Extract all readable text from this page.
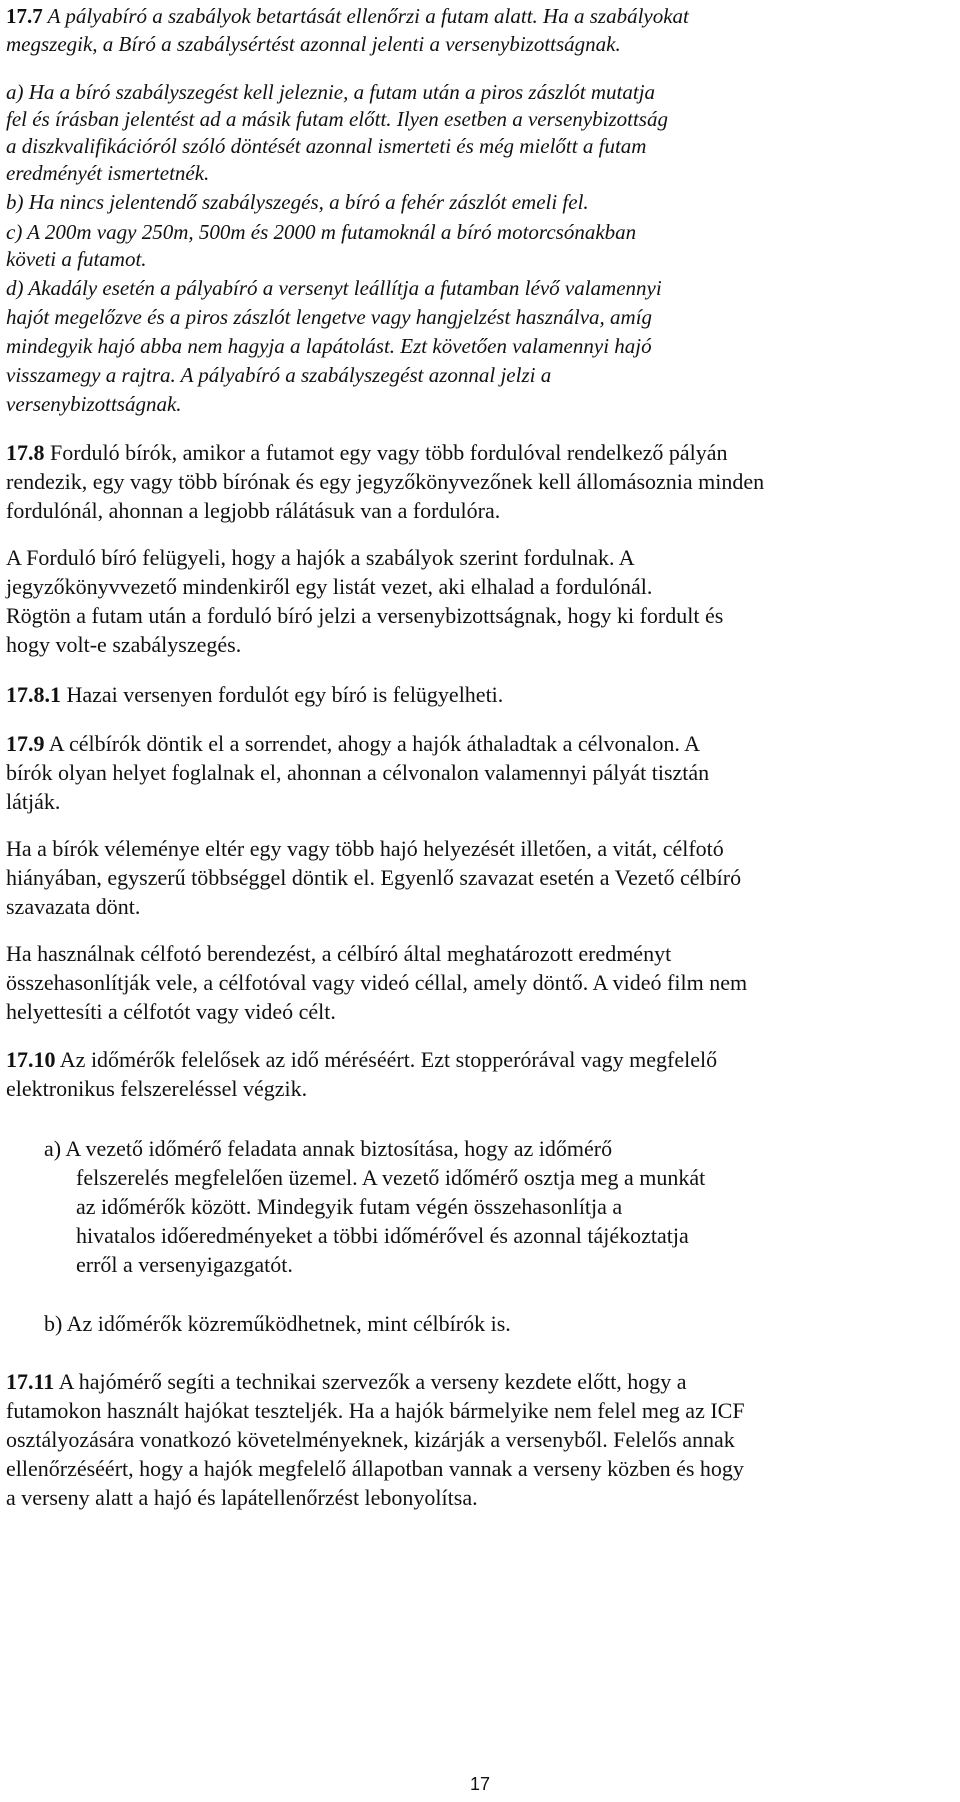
17.7 A pályabíró a szabályok betartását ellenőrzi a futam alatt. Ha a szabályokat
megszegik, a Bíró a szabálysértést azonnal jelenti a versenybizottságnak.
a) Ha a bíró szabályszegést kell jeleznie, a futam után a piros zászlót mutatja
fel és írásban jelentést ad a másik futam előtt. Ilyen esetben a versenybizottság
a diszkvalifikációról szóló döntését azonnal ismerteti és még mielőtt a futam
eredményét ismertetnék.
b) Ha nincs jelentendő szabályszegés, a bíró a fehér zászlót emeli fel.
c) A 200m vagy 250m, 500m és 2000 m futamoknál a bíró motorcsónakban
követi a futamot.
d) Akadály esetén a pályabíró a versenyt leállítja a futamban lévő valamennyi
hajót megelőzve és a piros zászlót lengetve vagy hangjelzést használva, amíg
mindegyik hajó abba nem hagyja a lapátolást. Ezt követően valamennyi hajó
visszamegy a rajtra. A pályabíró a szabályszegést azonnal jelzi a
versenybizottságnak.
17.8 Forduló bírók, amikor a futamot egy vagy több fordulóval rendelkező pályán
rendezik, egy vagy több bírónak és egy jegyzőkönyvezőnek kell állomásoznia minden
fordulónál, ahonnan a legjobb rálátásuk van a fordulóra.
A Forduló bíró felügyeli, hogy a hajók a szabályok szerint fordulnak. A
jegyzőkönyvvezető mindenkiről egy listát vezet, aki elhalad a fordulónál.
Rögtön a futam után a forduló bíró jelzi a versenybizottságnak, hogy ki fordult és
hogy volt-e szabályszegés.
17.8.1 Hazai versenyen fordulót egy bíró is felügyelheti.
17.9 A célbírók döntik el a sorrendet, ahogy a hajók áthaladtak a célvonalon. A
bírók olyan helyet foglalnak el, ahonnan a célvonalon valamennyi pályát tisztán
látják.
Ha a bírók véleménye eltér egy vagy több hajó helyezését illetően, a vitát, célfotó
hiányában, egyszerű többséggel döntik el. Egyenlő szavazat esetén a Vezető célbíró
szavazata dönt.
Ha használnak célfotó berendezést, a célbíró által meghatározott eredményt
összehasonlítják vele, a célfotóval vagy videó céllal, amely döntő. A videó film nem
helyettesíti a célfotót vagy videó célt.
17.10 Az időmérők felelősek az idő méréséért. Ezt stopperórával vagy megfelelő
elektronikus felszereléssel végzik.
a) A vezető időmérő feladata annak biztosítása, hogy az időmérő
felszerelés megfelelően üzemel. A vezető időmérő osztja meg a munkát
az időmérők között. Mindegyik futam végén összehasonlítja a
hivatalos időeredményeket a többi időmérővel és azonnal tájékoztatja
erről a versenyigazgatót.
b) Az időmérők közreműködhetnek, mint célbírók is.
17.11 A hajómérő segíti a technikai szervezők a verseny kezdete előtt, hogy a
futamokon használt hajókat teszteljék. Ha a hajók bármelyike nem felel meg az ICF
osztályozására vonatkozó követelményeknek, kizárják a versenyből. Felelős annak
ellenőrzéséért, hogy a hajók megfelelő állapotban vannak a verseny közben és hogy
a verseny alatt a hajó és lapátellenőrzést lebonyolítsa.
17
